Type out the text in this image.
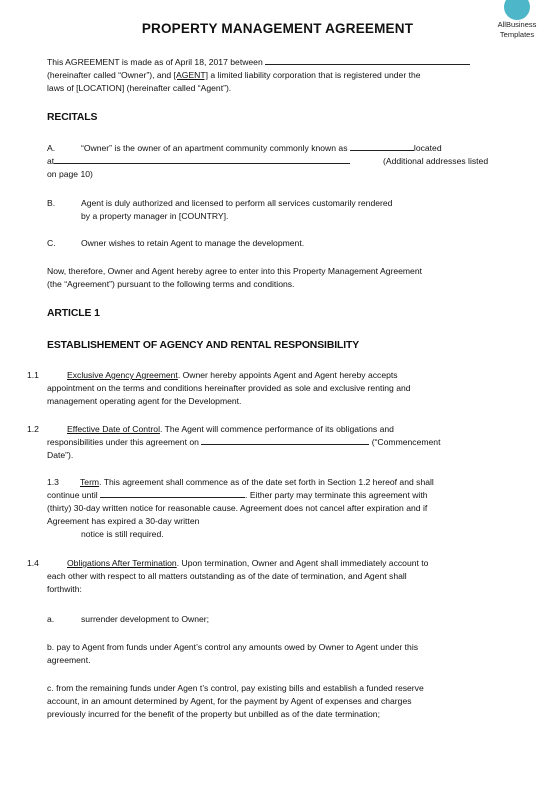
AllBusiness
Templates
PROPERTY MANAGEMENT AGREEMENT

This AGREEMENT is made as of April 18, 2017 between

(hereinafter called “Owner”), and [AGENT] a limited liability corporation that is registered under the

laws of [LOCATION] (hereinafter called “Agent”).

RECITALS

A.	“Owner” is the owner of an apartment community commonly known as	located

at	(Additional addresses listed

on page 10)

B.	Agent is duly authorized and licensed to perform all services customarily rendered

by a property manager in [COUNTRY].

C.	Owner wishes to retain Agent to manage the development.

Now, therefore, Owner and Agent hereby agree to enter into this Property Management Agreement

(the “Agreement”) pursuant to the following terms and conditions.

ARTICLE 1
ESTABLISHEMENT OF AGENCY AND RENTAL RESPONSIBILITY

1.1	Exclusive Agency Agreement. Owner hereby appoints Agent and Agent hereby accepts

appointment on the terms and conditions hereinafter provided as sole and exclusive renting and

management operating agent for the Development.

1.2	Effective Date of Control. The Agent will commence performance of its obligations and

responsibilities under this agreement on	(“Commencement

Date”).

1.3 Term. This agreement shall commence as of the date set forth in Section 1.2 hereof and shall

continue until	. Either party may terminate this agreement with

(thirty) 30-day written notice for reasonable cause. Agreement does not cancel after expiration and if

Agreement has expired a 30-day written

notice is still required.

1.4	Obligations After Termination. Upon termination, Owner and Agent shall immediately account to

each other with respect to all matters outstanding as of the date of termination, and Agent shall

forthwith:

a.	surrender development to Owner;

b. pay to Agent from funds under Agent’s control any amounts owed by Owner to Agent under this

agreement.

c. from the remaining funds under Agen t’s control, pay existing bills and establish a funded reserve

account, in an amount determined by Agent, for the payment by Agent of expenses and charges

previously incurred for the benefit of the property but unbilled as of the date termination;
